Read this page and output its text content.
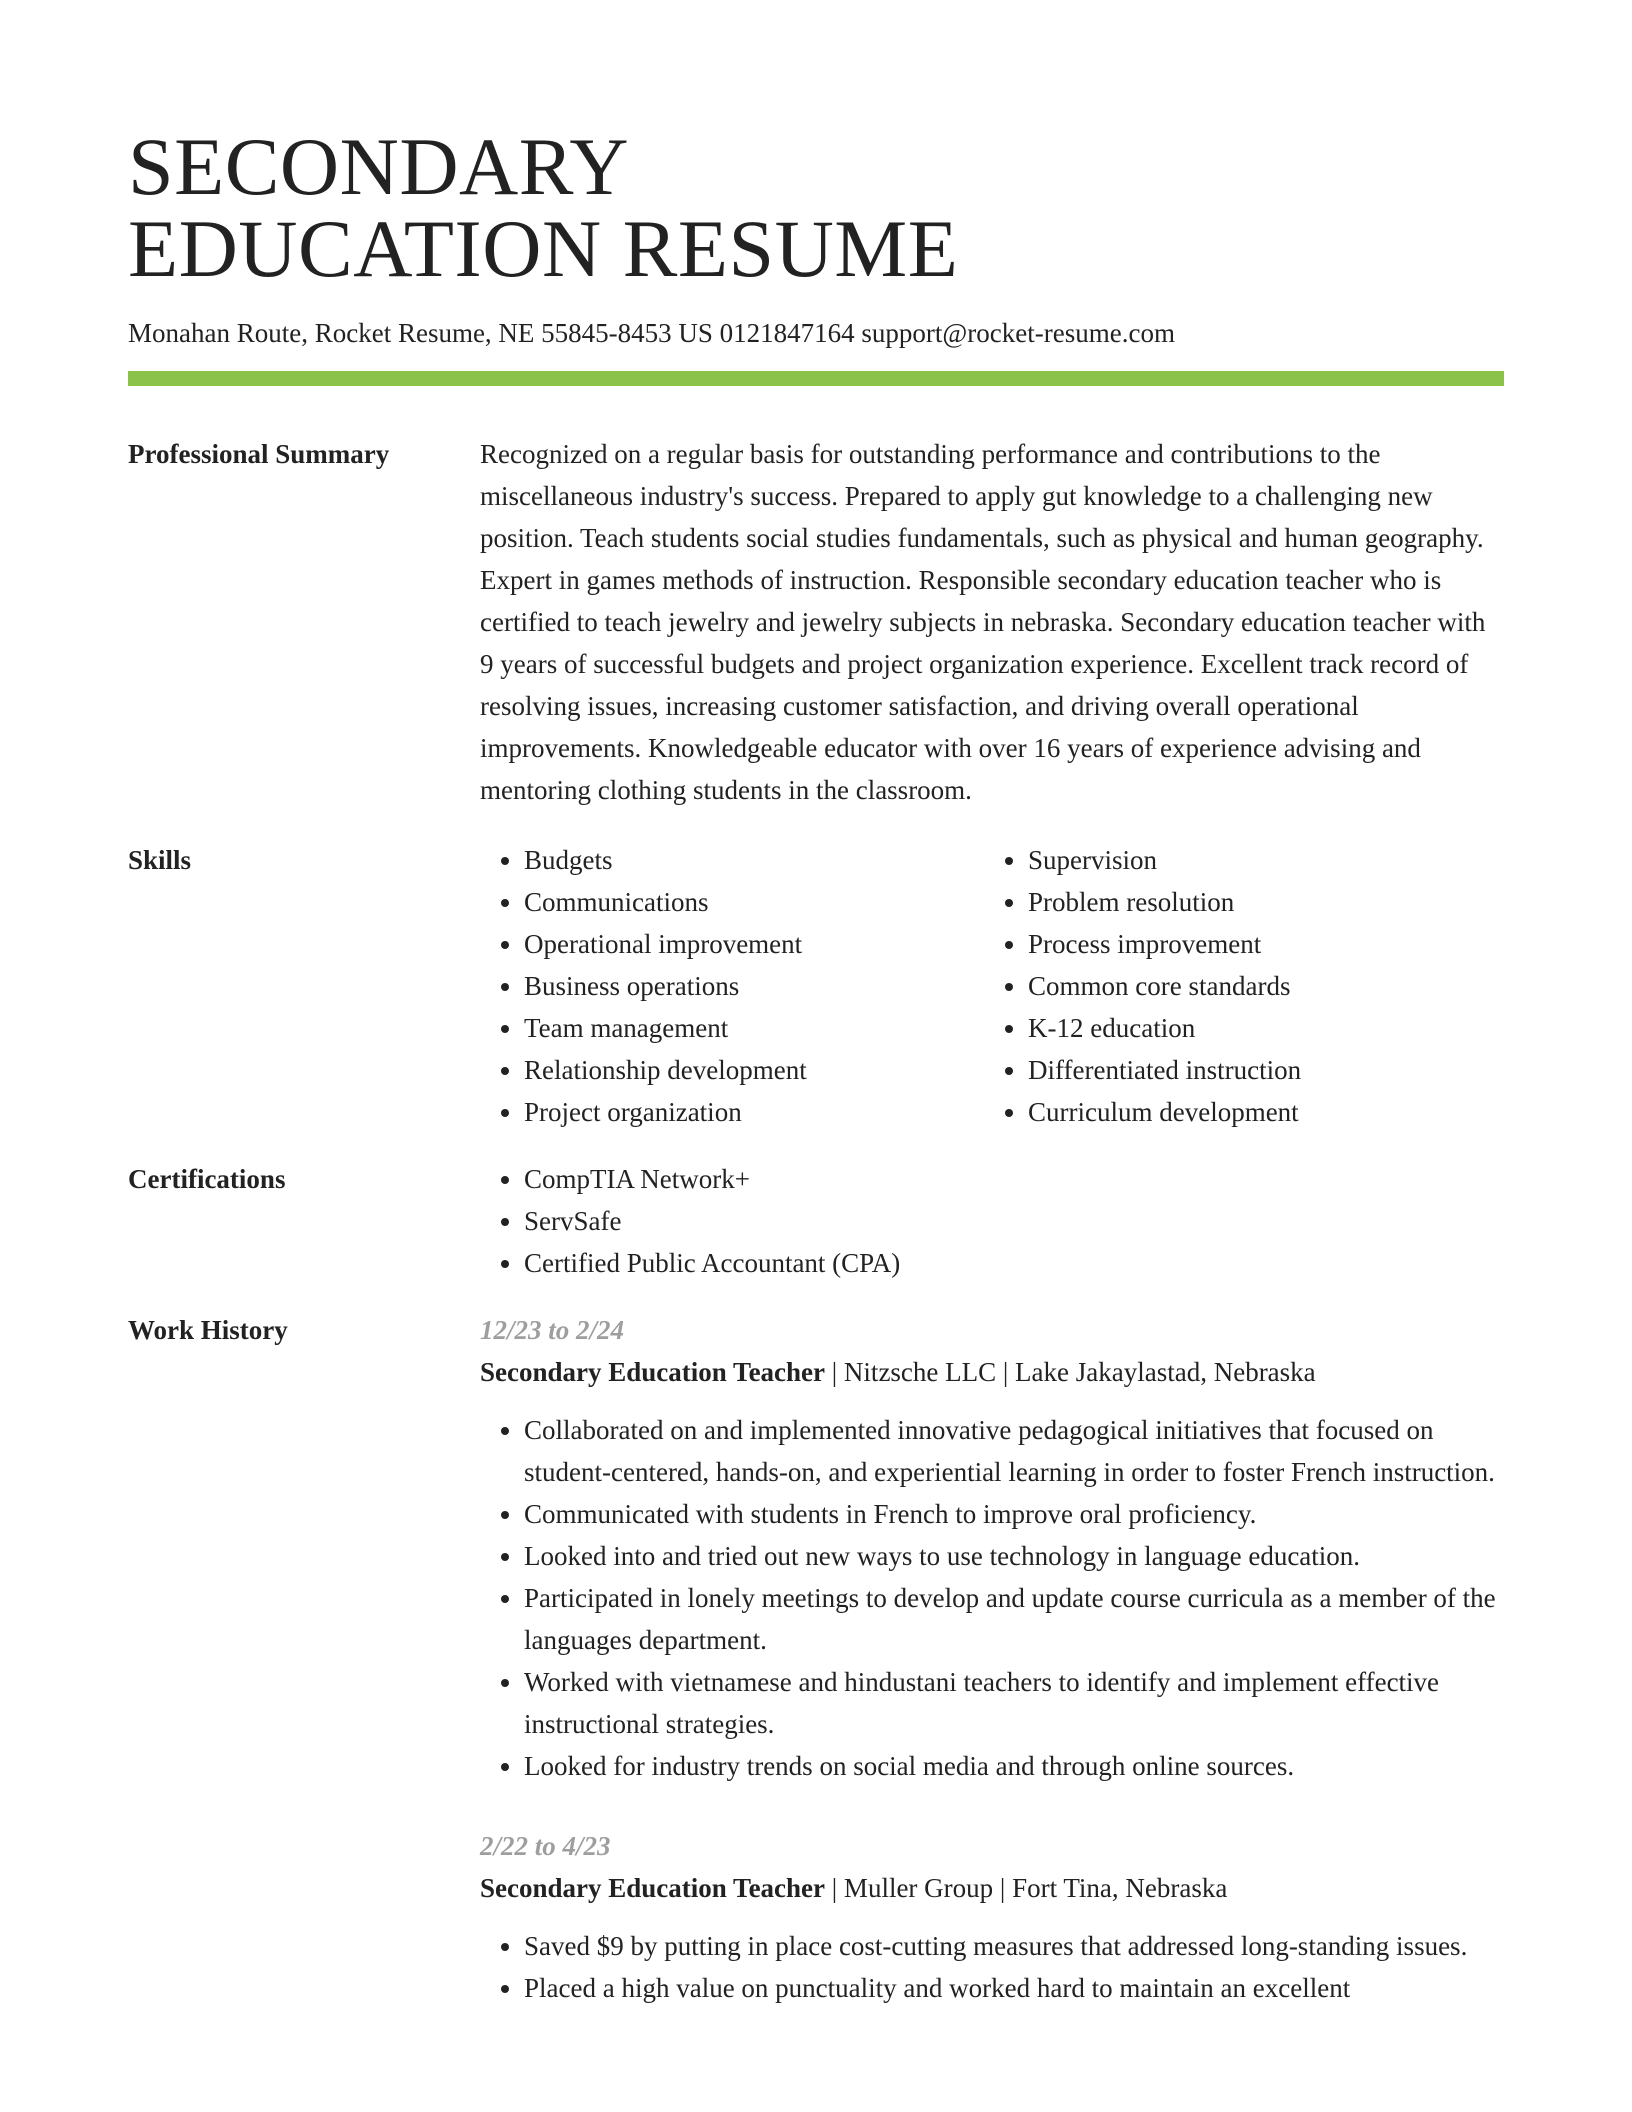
SECONDARY
EDUCATION RESUME
Monahan Route, Rocket Resume, NE 55845-8453 US 0121847164 support@rocket-resume.com
Professional Summary	Recognized on a regular basis for outstanding performance and contributions to the miscellaneous industry's success. Prepared to apply gut knowledge to a challenging new position. Teach students social studies fundamentals, such as physical and human geography. Expert in games methods of instruction. Responsible secondary education teacher who is certified to teach jewelry and jewelry subjects in nebraska. Secondary education teacher with 9 years of successful budgets and project organization experience. Excellent track record of resolving issues, increasing customer satisfaction, and driving overall operational improvements. Knowledgeable educator with over 16 years of experience advising and mentoring clothing students in the classroom.

Skills	• Budgets
• Communications
• Operational improvement
• Business operations
• Team management
• Relationship development
• Project organization
• Supervision
• Problem resolution
• Process improvement
• Common core standards
• K-12 education
• Differentiated instruction
• Curriculum development
Certifications	• CompTIA Network+
• ServSafe
• Certified Public Accountant (CPA)
Work History	12/23 to 2/24
Secondary Education Teacher | Nitzsche LLC | Lake Jakaylastad, Nebraska
• Collaborated on and implemented innovative pedagogical initiatives that focused on student-centered, hands-on, and experiential learning in order to foster French instruction.
• Communicated with students in French to improve oral proficiency.
• Looked into and tried out new ways to use technology in language education.
• Participated in lonely meetings to develop and update course curricula as a member of the languages department.
• Worked with vietnamese and hindustani teachers to identify and implement effective instructional strategies.
• Looked for industry trends on social media and through online sources.
2/22 to 4/23
Secondary Education Teacher | Muller Group | Fort Tina, Nebraska
• Saved $9 by putting in place cost-cutting measures that addressed long-standing issues.
• Placed a high value on punctuality and worked hard to maintain an excellent
